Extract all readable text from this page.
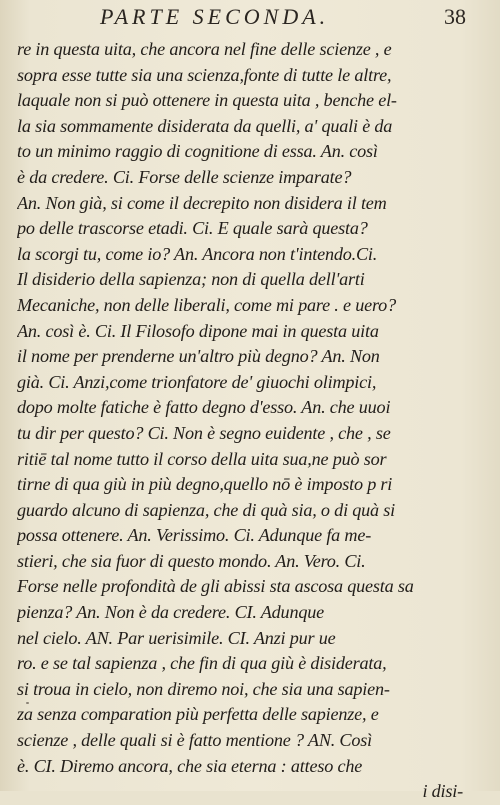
PARTE SECONDA.	38
re in questa uita, che ancora nel fine delle scienze , e
sopra esse tutte sia una scienza,fonte di tutte le altre,
laquale non si può ottenere in questa uita , benche el-
la sia sommamente disiderata da quelli, a' quali è da
to un minimo raggio di cognitione di essa. An. così
è da credere. Ci. Forse delle scienze imparate?
An. Non già, si come il decrepito non disidera il tem
po delle trascorse etadi. Ci. E quale sarà questa?
la scorgi tu, come io? An. Ancora non t'intendo.Ci.
Il disiderio della sapienza; non di quella dell'arti
Mecaniche, non delle liberali, come mi pare . e uero?
An. così è. Ci. Il Filosofo dipone mai in questa uita
il nome per prenderne un'altro più degno? An. Non
già. Ci. Anzi,come trionfatore de' giuochi olimpici,
dopo molte fatiche è fatto degno d'esso. An. che uuoi
tu dir per questo? Ci. Non è segno euidente , che , se
ritiē tal nome tutto il corso della uita sua,ne può sor
tirne di qua giù in più degno,quello nō è imposto p ri
guardo alcuno di sapienza, che di quà sia, o di quà si
possa ottenere. An. Verissimo. Ci. Adunque fa me-
stieri, che sia fuor di questo mondo. An. Vero. Ci.
Forse nelle profondità de gli abissi sta ascosa questa sa
pienza? An. Non è da credere. CI. Adunque
nel cielo. AN. Par uerisimile. CI. Anzi pur ue
ro. e se tal sapienza , che fin di qua giù è disiderata,
si troua in cielo, non diremo noi, che sia una sapien-
za senza comparation più perfetta delle sapienze, e
scienze , delle quali si è fatto mentione ? AN. Così
è. CI. Diremo ancora, che sia eterna : atteso che
i disi-
